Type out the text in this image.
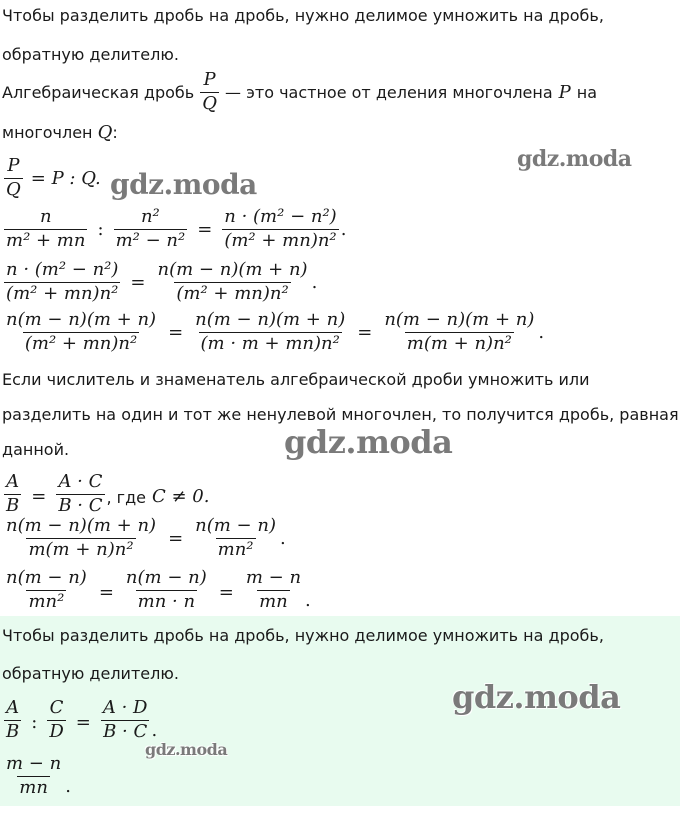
Чтобы разделить дробь на дробь, нужно делимое умножить на дробь,
обратную делителю.
Алгебраическая дробь $\frac{P}{Q}$ — это частное от деления многочлена P на
многочлен Q:
$\frac{P}{Q} = P$ : Q.
$\frac{n}{\text{m² + mn}}$ : $\frac{\text{n²}}{\text{m² − n²}} = \frac{\text{n · (m² − n²)}}{\text{(m² + mn)n²}}$ .
$\frac{\text{n · (m² − n²)}}{\text{(m² + mn)n²}} = \frac{n(m - n)(m + n)}{\text{(m² + mn)n²}}$ .
$\frac{n(m - n)(m + n)}{\text{(m² + mn)n²}} = \frac{n(m - n)(m + n)}{\text{(m · m + mn)n²}} = \frac{n(m - n)(m + n)}{\text{m(m + n)n²}}$ .
Если числитель и знаменатель алгебраической дроби умножить или
разделить на один и тот же ненулевой многочлен, то получится дробь, равная
данной.
$\frac{A}{B} = \frac{A \cdot C}{B \cdot C}$ , где C ≠ 0.
$\frac{n(m - n)(m + n)}{\text{m(m + n)n²}} = \frac{n(m - n)}{\text{mn²}}$ .
$\frac{n(m - n)}{\text{mn²}} = \frac{n(m - n)}{mn \cdot n} = \frac{m - n}{mn}$ .
Чтобы разделить дробь на дробь, нужно делимое умножить на дробь,
обратную делителю.
$\frac{A}{B}$ : $\frac{C}{D} = \frac{A \cdot D}{B \cdot C}$ .
$\frac{m - n}{mn}$ .
gdz.moda
gdz.moda
gdz.moda
gdz.moda
gdz.moda
